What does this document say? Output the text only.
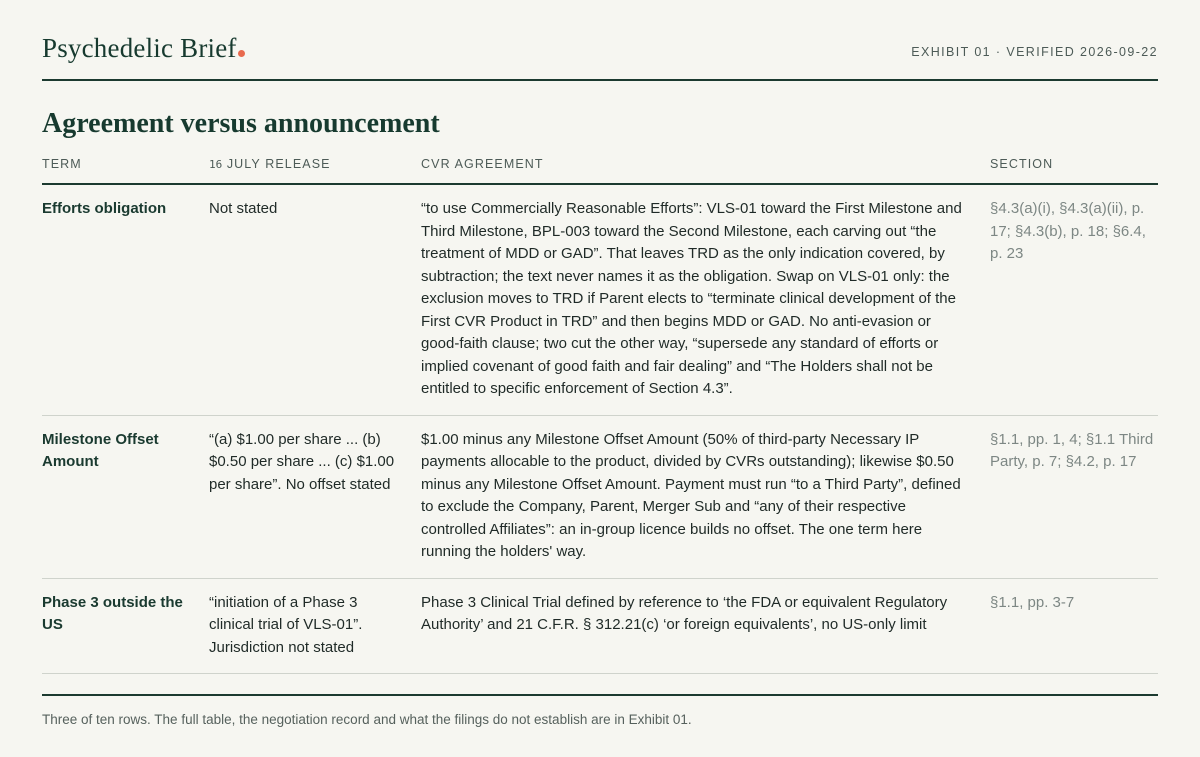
Psychedelic Brief	EXHIBIT 01 · VERIFIED 2026-09-22
Agreement versus announcement
TERM	16 JULY RELEASE	CVR AGREEMENT	SECTION
Efforts obligation	Not stated	“to use Commercially Reasonable Efforts”: VLS-01 toward the First Milestone and Third Milestone, BPL-003 toward the Second Milestone, each carving out “the treatment of MDD or GAD”. That leaves TRD as the only indication covered, by subtraction; the text never names it as the obligation. Swap on VLS-01 only: the exclusion moves to TRD if Parent elects to “terminate clinical development of the First CVR Product in TRD” and then begins MDD or GAD. No anti-evasion or good-faith clause; two cut the other way, “supersede any standard of efforts or implied covenant of good faith and fair dealing” and “The Holders shall not be entitled to specific enforcement of Section 4.3”.	§4.3(a)(i), §4.3(a)(ii), p. 17; §4.3(b), p. 18; §6.4, p. 23
Milestone Offset Amount	“(a) $1.00 per share ... (b) $0.50 per share ... (c) $1.00 per share”. No offset stated	$1.00 minus any Milestone Offset Amount (50% of third-party Necessary IP payments allocable to the product, divided by CVRs outstanding); likewise $0.50 minus any Milestone Offset Amount. Payment must run “to a Third Party”, defined to exclude the Company, Parent, Merger Sub and “any of their respective controlled Affiliates”: an in-group licence builds no offset. The one term here running the holders' way.	§1.1, pp. 1, 4; §1.1 Third Party, p. 7; §4.2, p. 17
Phase 3 outside the US	“initiation of a Phase 3 clinical trial of VLS-01”. Jurisdiction not stated	Phase 3 Clinical Trial defined by reference to ‘the FDA or equivalent Regulatory Authority’ and 21 C.F.R. § 312.21(c) ‘or foreign equivalents’, no US-only limit	§1.1, pp. 3-7

Three of ten rows. The full table, the negotiation record and what the filings do not establish are in Exhibit 01.
